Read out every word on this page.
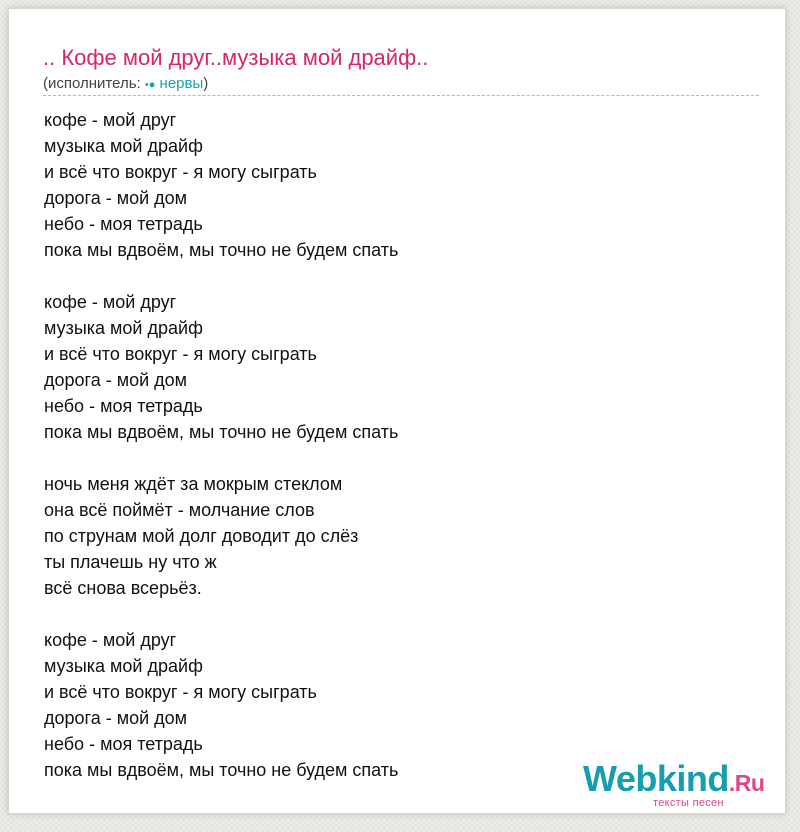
.. Кофе мой друг..музыка мой драйф..
(исполнитель: •● нервы)

кофе - мой друг
музыка мой драйф
и всё что вокруг - я могу сыграть
дорога - мой дом
небо - моя тетрадь
пока мы вдвоём, мы точно не будем спать

кофе - мой друг
музыка мой драйф
и всё что вокруг - я могу сыграть
дорога - мой дом
небо - моя тетрадь
пока мы вдвоём, мы точно не будем спать

ночь меня ждёт за мокрым стеклом
она всё поймёт - молчание слов
по струнам мой долг доводит до слёз
ты плачешь ну что ж
всё снова всерьёз.

кофе - мой друг
музыка мой драйф
и всё что вокруг - я могу сыграть
дорога - мой дом
небо - моя тетрадь
пока мы вдвоём, мы точно не будем спать	Webkind.Ru
тексты песен
